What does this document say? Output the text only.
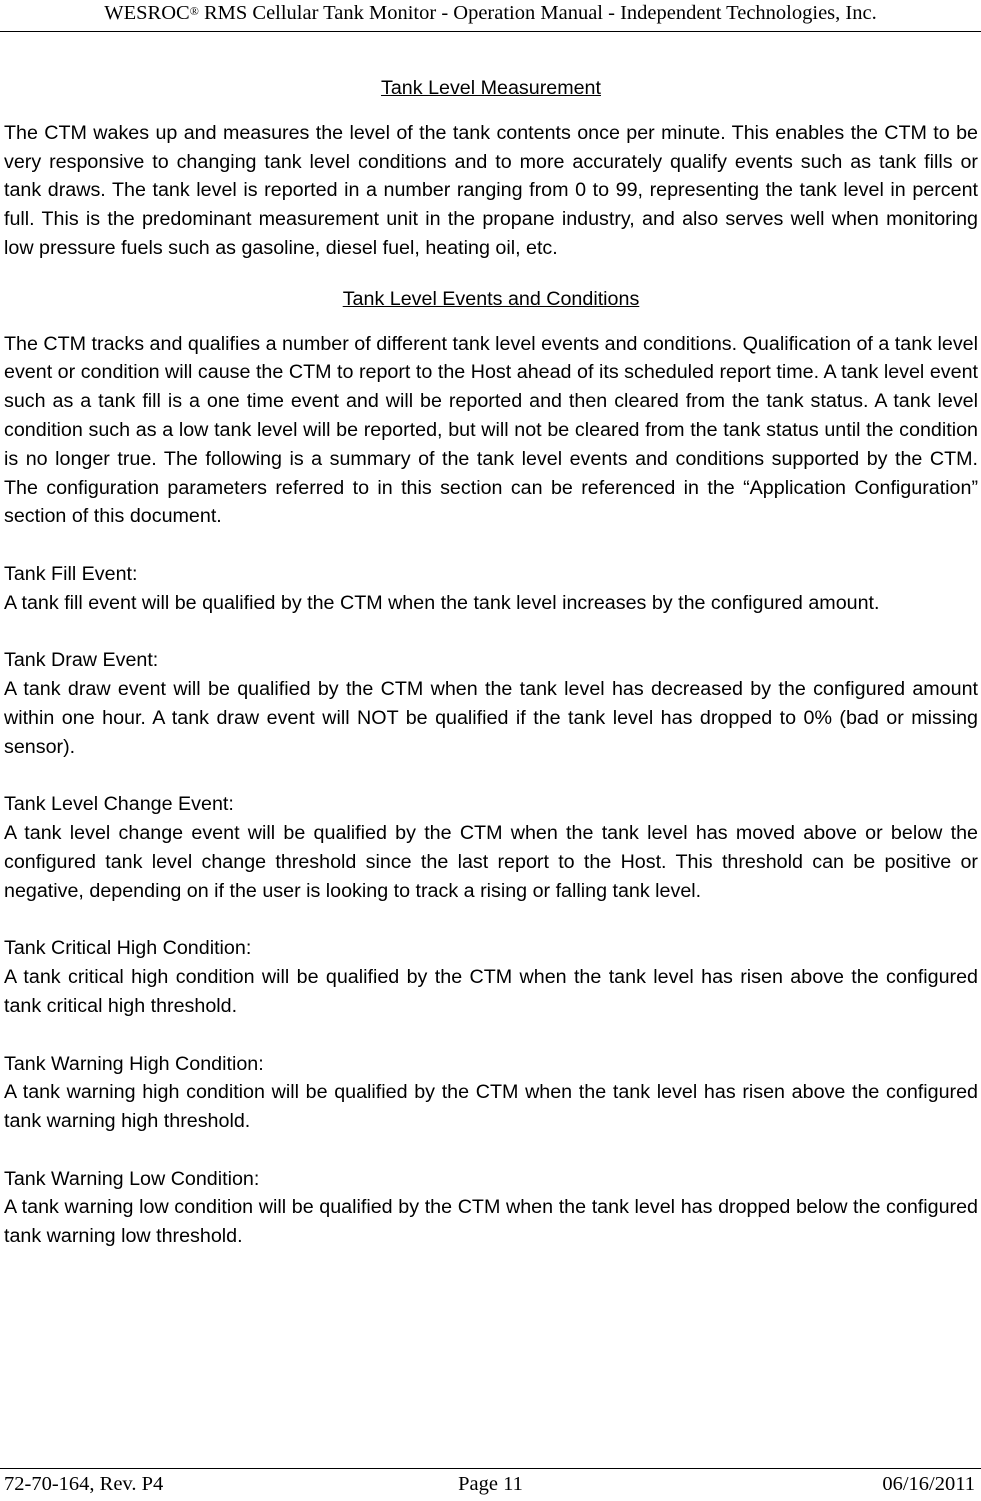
WESROC® RMS Cellular Tank Monitor - Operation Manual - Independent Technologies, Inc.
Tank Level Measurement

The CTM wakes up and measures the level of the tank contents once per minute. This enables the CTM to be very responsive to changing tank level conditions and to more accurately qualify events such as tank fills or tank draws. The tank level is reported in a number ranging from 0 to 99, representing the tank level in percent full. This is the predominant measurement unit in the propane industry, and also serves well when monitoring low pressure fuels such as gasoline, diesel fuel, heating oil, etc.

Tank Level Events and Conditions

The CTM tracks and qualifies a number of different tank level events and conditions. Qualification of a tank level event or condition will cause the CTM to report to the Host ahead of its scheduled report time. A tank level event such as a tank fill is a one time event and will be reported and then cleared from the tank status. A tank level condition such as a low tank level will be reported, but will not be cleared from the tank status until the condition is no longer true. The following is a summary of the tank level events and conditions supported by the CTM. The configuration parameters referred to in this section can be referenced in the “Application Configuration” section of this document.

Tank Fill Event:

A tank fill event will be qualified by the CTM when the tank level increases by the configured amount.

Tank Draw Event:

A tank draw event will be qualified by the CTM when the tank level has decreased by the configured amount within one hour. A tank draw event will NOT be qualified if the tank level has dropped to 0% (bad or missing sensor).

Tank Level Change Event:

A tank level change event will be qualified by the CTM when the tank level has moved above or below the configured tank level change threshold since the last report to the Host. This threshold can be positive or negative, depending on if the user is looking to track a rising or falling tank level.

Tank Critical High Condition:

A tank critical high condition will be qualified by the CTM when the tank level has risen above the configured tank critical high threshold.

Tank Warning High Condition:

A tank warning high condition will be qualified by the CTM when the tank level has risen above the configured tank warning high threshold.

Tank Warning Low Condition:

A tank warning low condition will be qualified by the CTM when the tank level has dropped below the configured tank warning low threshold.

72-70-164, Rev. P4	Page 11	06/16/2011
